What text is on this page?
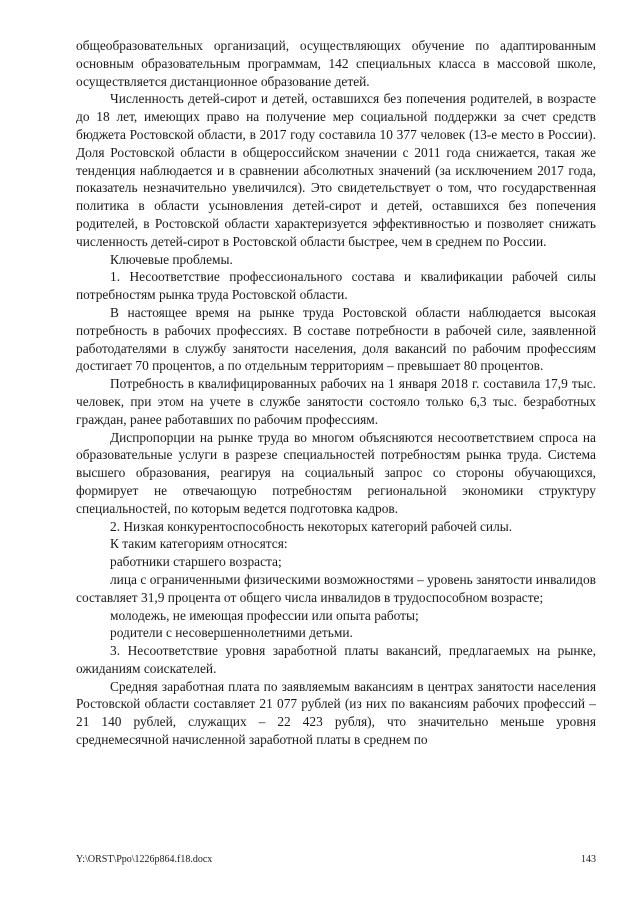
общеобразовательных организаций, осуществляющих обучение по адаптированным основным образовательным программам, 142 специальных класса в массовой школе, осуществляется дистанционное образование детей.

Численность детей-сирот и детей, оставшихся без попечения родителей, в возрасте до 18 лет, имеющих право на получение мер социальной поддержки за счет средств бюджета Ростовской области, в 2017 году составила 10 377 человек (13-е место в России). Доля Ростовской области в общероссийском значении с 2011 года снижается, такая же тенденция наблюдается и в сравнении абсолютных значений (за исключением 2017 года, показатель незначительно увеличился). Это свидетельствует о том, что государственная политика в области усыновления детей-сирот и детей, оставшихся без попечения родителей, в Ростовской области характеризуется эффективностью и позволяет снижать численность детей-сирот в Ростовской области быстрее, чем в среднем по России.

Ключевые проблемы.

1. Несоответствие профессионального состава и квалификации рабочей силы потребностям рынка труда Ростовской области.

В настоящее время на рынке труда Ростовской области наблюдается высокая потребность в рабочих профессиях. В составе потребности в рабочей силе, заявленной работодателями в службу занятости населения, доля вакансий по рабочим профессиям достигает 70 процентов, а по отдельным территориям – превышает 80 процентов.

Потребность в квалифицированных рабочих на 1 января 2018 г. составила 17,9 тыс. человек, при этом на учете в службе занятости состояло только 6,3 тыс. безработных граждан, ранее работавших по рабочим профессиям.

Диспропорции на рынке труда во многом объясняются несоответствием спроса на образовательные услуги в разрезе специальностей потребностям рынка труда. Система высшего образования, реагируя на социальный запрос со стороны обучающихся, формирует не отвечающую потребностям региональной экономики структуру специальностей, по которым ведется подготовка кадров.

2. Низкая конкурентоспособность некоторых категорий рабочей силы.

К таким категориям относятся:

работники старшего возраста;

лица с ограниченными физическими возможностями – уровень занятости инвалидов составляет 31,9 процента от общего числа инвалидов в трудоспособном возрасте;

молодежь, не имеющая профессии или опыта работы;

родители с несовершеннолетними детьми.

3. Несоответствие уровня заработной платы вакансий, предлагаемых на рынке, ожиданиям соискателей.

Средняя заработная плата по заявляемым вакансиям в центрах занятости населения Ростовской области составляет 21 077 рублей (из них по вакансиям рабочих профессий – 21 140 рублей, служащих – 22 423 рубля), что значительно меньше уровня среднемесячной начисленной заработной платы в среднем по

Y:\ORST\Ppo\1226p864.f18.docx	143
